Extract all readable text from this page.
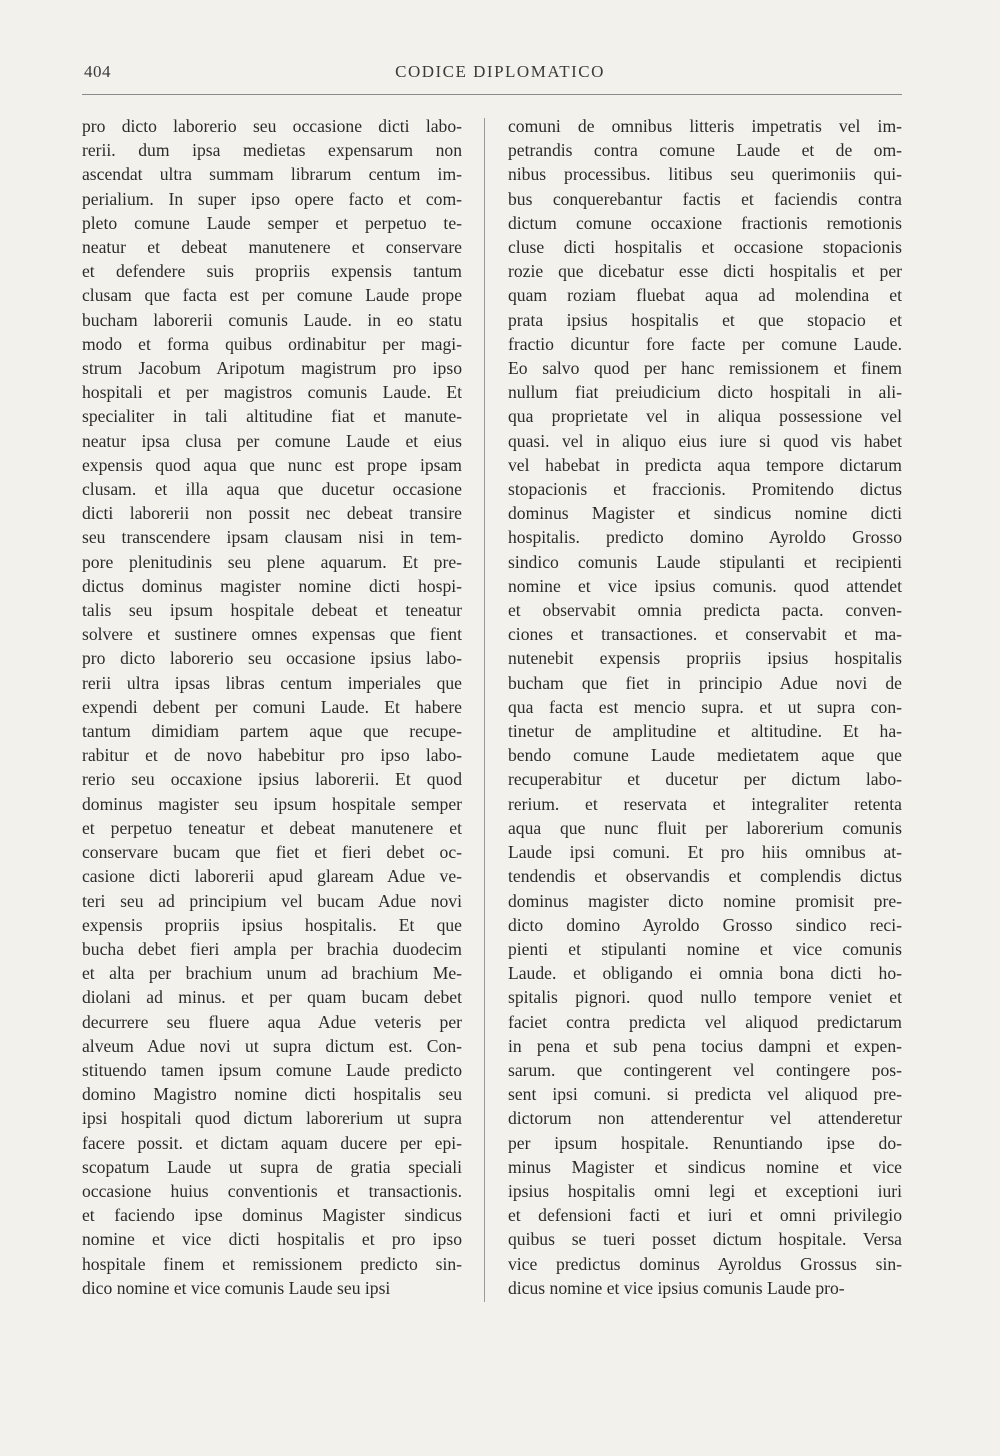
404	CODICE DIPLOMATICO
pro dicto laborerio seu occasione dicti labo-
rerii. dum ipsa medietas expensarum non
ascendat ultra summam librarum centum im-
perialium. In super ipso opere facto et com-
pleto comune Laude semper et perpetuo te-
neatur et debeat manutenere et conservare
et defendere suis propriis expensis tantum
clusam que facta est per comune Laude prope
bucham laborerii comunis Laude. in eo statu
modo et forma quibus ordinabitur per magi-
strum Jacobum Aripotum magistrum pro ipso
hospitali et per magistros comunis Laude. Et
specialiter in tali altitudine fiat et manute-
neatur ipsa clusa per comune Laude et eius
expensis quod aqua que nunc est prope ipsam
clusam. et illa aqua que ducetur occasione
dicti laborerii non possit nec debeat transire
seu transcendere ipsam clausam nisi in tem-
pore plenitudinis seu plene aquarum. Et pre-
dictus dominus magister nomine dicti hospi-
talis seu ipsum hospitale debeat et teneatur
solvere et sustinere omnes expensas que fient
pro dicto laborerio seu occasione ipsius labo-
rerii ultra ipsas libras centum imperiales que
expendi debent per comuni Laude. Et habere
tantum dimidiam partem aque que recupe-
rabitur et de novo habebitur pro ipso labo-
rerio seu occaxione ipsius laborerii. Et quod
dominus magister seu ipsum hospitale semper
et perpetuo teneatur et debeat manutenere et
conservare bucam que fiet et fieri debet oc-
casione dicti laborerii apud glaream Adue ve-
teri seu ad principium vel bucam Adue novi
expensis propriis ipsius hospitalis. Et que
bucha debet fieri ampla per brachia duodecim
et alta per brachium unum ad brachium Me-
diolani ad minus. et per quam bucam debet
decurrere seu fluere aqua Adue veteris per
alveum Adue novi ut supra dictum est. Con-
stituendo tamen ipsum comune Laude predicto
domino Magistro nomine dicti hospitalis seu
ipsi hospitali quod dictum laborerium ut supra
facere possit. et dictam aquam ducere per epi-
scopatum Laude ut supra de gratia speciali
occasione huius conventionis et transactionis.
et faciendo ipse dominus Magister sindicus
nomine et vice dicti hospitalis et pro ipso
hospitale finem et remissionem predicto sin-
dico nomine et vice comunis Laude seu ipsi
comuni de omnibus litteris impetratis vel im-
petrandis contra comune Laude et de om-
nibus processibus. litibus seu querimoniis qui-
bus conquerebantur factis et faciendis contra
dictum comune occaxione fractionis remotionis
cluse dicti hospitalis et occasione stopacionis
rozie que dicebatur esse dicti hospitalis et per
quam roziam fluebat aqua ad molendina et
prata ipsius hospitalis et que stopacio et
fractio dicuntur fore facte per comune Laude.
Eo salvo quod per hanc remissionem et finem
nullum fiat preiudicium dicto hospitali in ali-
qua proprietate vel in aliqua possessione vel
quasi. vel in aliquo eius iure si quod vis habet
vel habebat in predicta aqua tempore dictarum
stopacionis et fraccionis. Promitendo dictus
dominus Magister et sindicus nomine dicti
hospitalis. predicto domino Ayroldo Grosso
sindico comunis Laude stipulanti et recipienti
nomine et vice ipsius comunis. quod attendet
et observabit omnia predicta pacta. conven-
ciones et transactiones. et conservabit et ma-
nutenebit expensis propriis ipsius hospitalis
bucham que fiet in principio Adue novi de
qua facta est mencio supra. et ut supra con-
tinetur de amplitudine et altitudine. Et ha-
bendo comune Laude medietatem aque que
recuperabitur et ducetur per dictum labo-
rerium. et reservata et integraliter retenta
aqua que nunc fluit per laborerium comunis
Laude ipsi comuni. Et pro hiis omnibus at-
tendendis et observandis et complendis dictus
dominus magister dicto nomine promisit pre-
dicto domino Ayroldo Grosso sindico reci-
pienti et stipulanti nomine et vice comunis
Laude. et obligando ei omnia bona dicti ho-
spitalis pignori. quod nullo tempore veniet et
faciet contra predicta vel aliquod predictarum
in pena et sub pena tocius dampni et expen-
sarum. que contingerent vel contingere pos-
sent ipsi comuni. si predicta vel aliquod pre-
dictorum non attenderentur vel attenderetur
per ipsum hospitale. Renuntiando ipse do-
minus Magister et sindicus nomine et vice
ipsius hospitalis omni legi et exceptioni iuri
et defensioni facti et iuri et omni privilegio
quibus se tueri posset dictum hospitale. Versa
vice predictus dominus Ayroldus Grossus sin-
dicus nomine et vice ipsius comunis Laude pro-
